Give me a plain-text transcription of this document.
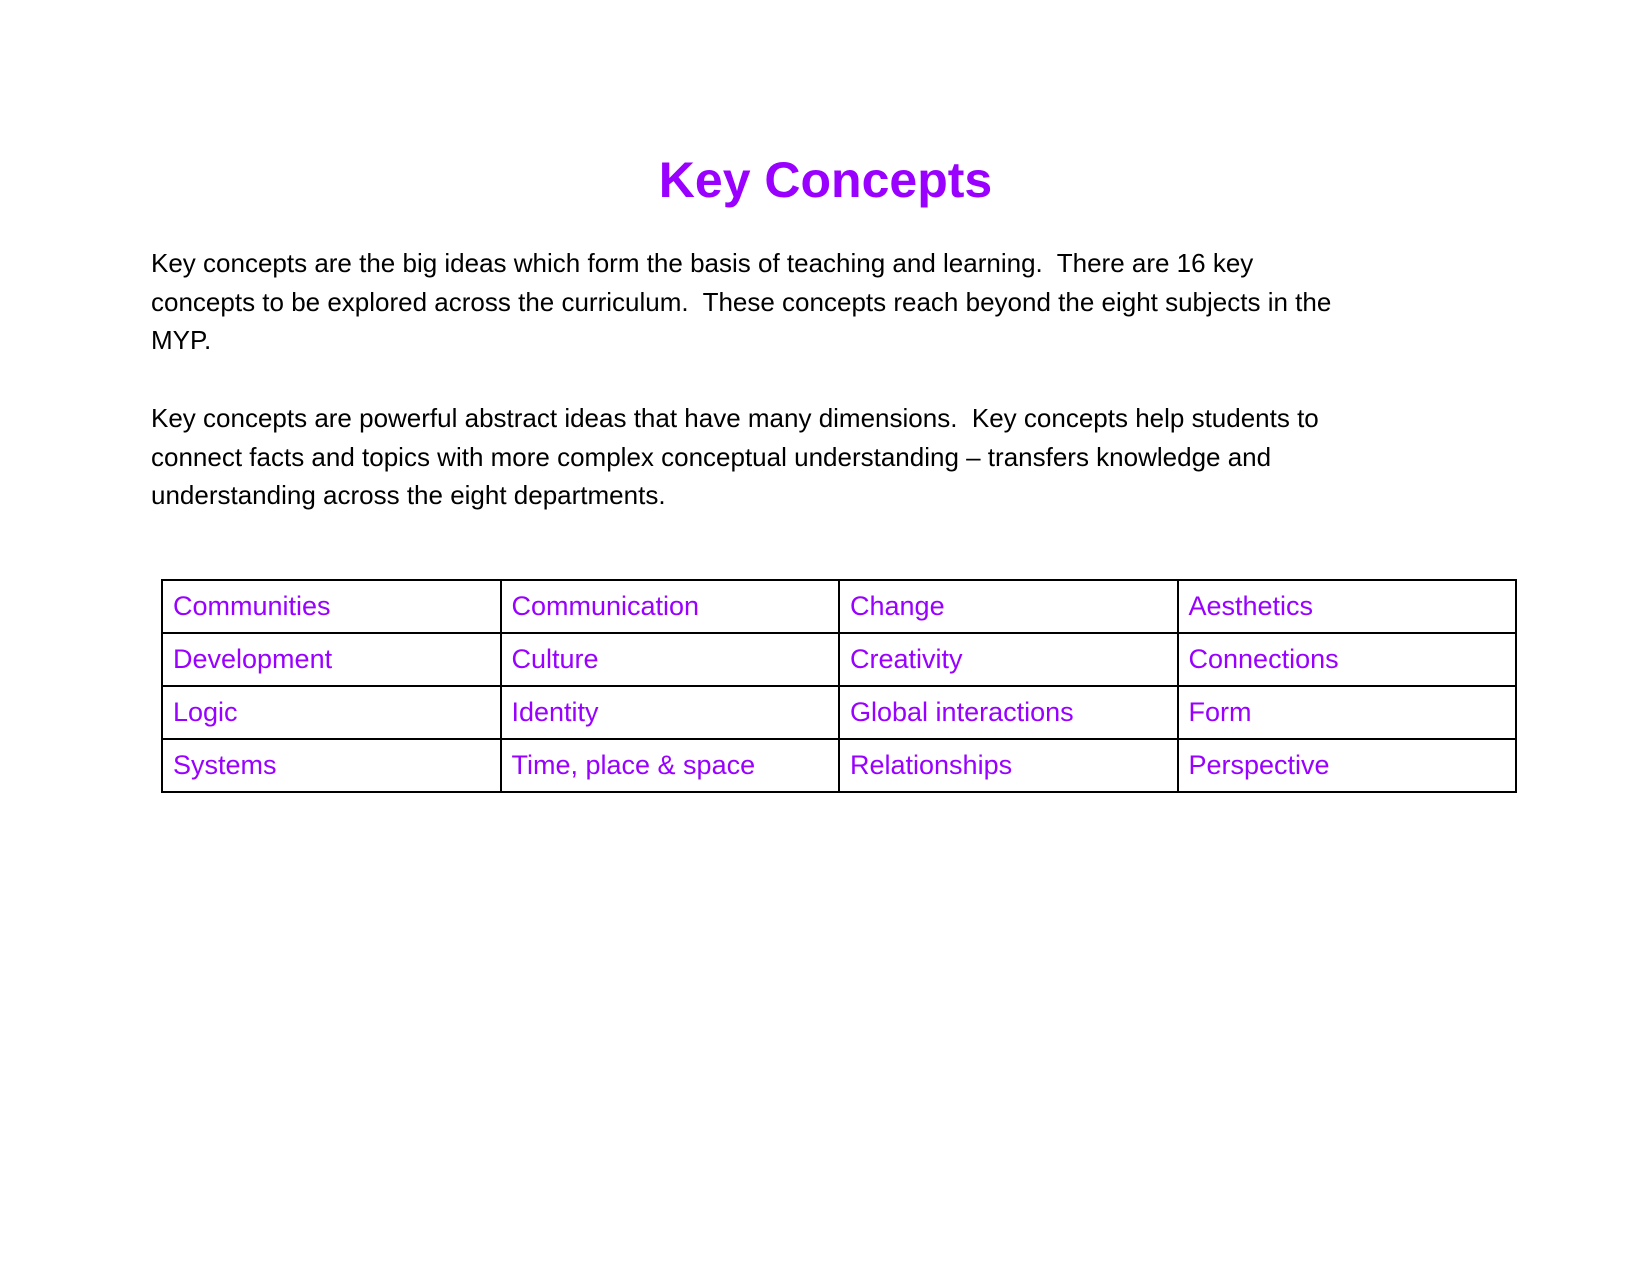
Key Concepts

Key concepts are the big ideas which form the basis of teaching and learning.  There are 16 key
concepts to be explored across the curriculum.  These concepts reach beyond the eight subjects in the
MYP.

Key concepts are powerful abstract ideas that have many dimensions.  Key concepts help students to
connect facts and topics with more complex conceptual understanding – transfers knowledge and
understanding across the eight departments.

Communities	Communication	Change	Aesthetics
Development	Culture	Creativity	Connections
Logic	Identity	Global interactions	Form
Systems	Time, place & space	Relationships	Perspective
